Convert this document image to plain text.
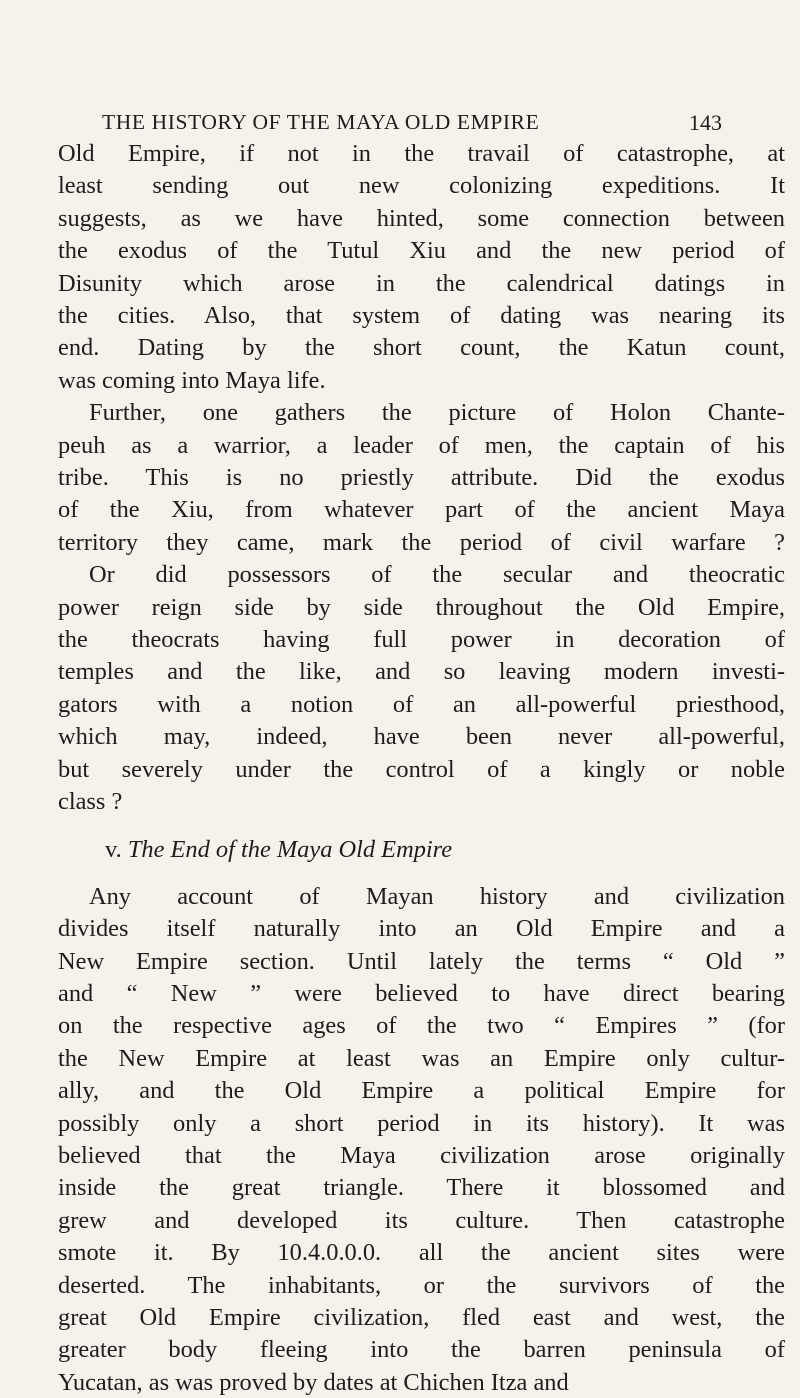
THE HISTORY OF THE MAYA OLD EMPIRE	143
Old Empire, if not in the travail of catastrophe, at
least sending out new colonizing expeditions. It
suggests, as we have hinted, some connection between
the exodus of the Tutul Xiu and the new period of
Disunity which arose in the calendrical datings in
the cities. Also, that system of dating was nearing its
end. Dating by the short count, the Katun count,
was coming into Maya life.
Further, one gathers the picture of Holon Chante-
peuh as a warrior, a leader of men, the captain of his
tribe. This is no priestly attribute. Did the exodus
of the Xiu, from whatever part of the ancient Maya
territory they came, mark the period of civil warfare ?
Or did possessors of the secular and theocratic
power reign side by side throughout the Old Empire,
the theocrats having full power in decoration of
temples and the like, and so leaving modern investi-
gators with a notion of an all-powerful priesthood,
which may, indeed, have been never all-powerful,
but severely under the control of a kingly or noble
class ?
v. The End of the Maya Old Empire
Any account of Mayan history and civilization
divides itself naturally into an Old Empire and a
New Empire section. Until lately the terms “ Old ”
and “ New ” were believed to have direct bearing
on the respective ages of the two “ Empires ” (for
the New Empire at least was an Empire only cultur-
ally, and the Old Empire a political Empire for
possibly only a short period in its history). It was
believed that the Maya civilization arose originally
inside the great triangle. There it blossomed and
grew and developed its culture. Then catastrophe
smote it. By 10.4.0.0.0. all the ancient sites were
deserted. The inhabitants, or the survivors of the
great Old Empire civilization, fled east and west, the
greater body fleeing into the barren peninsula of
Yucatan, as was proved by dates at Chichen Itza and
